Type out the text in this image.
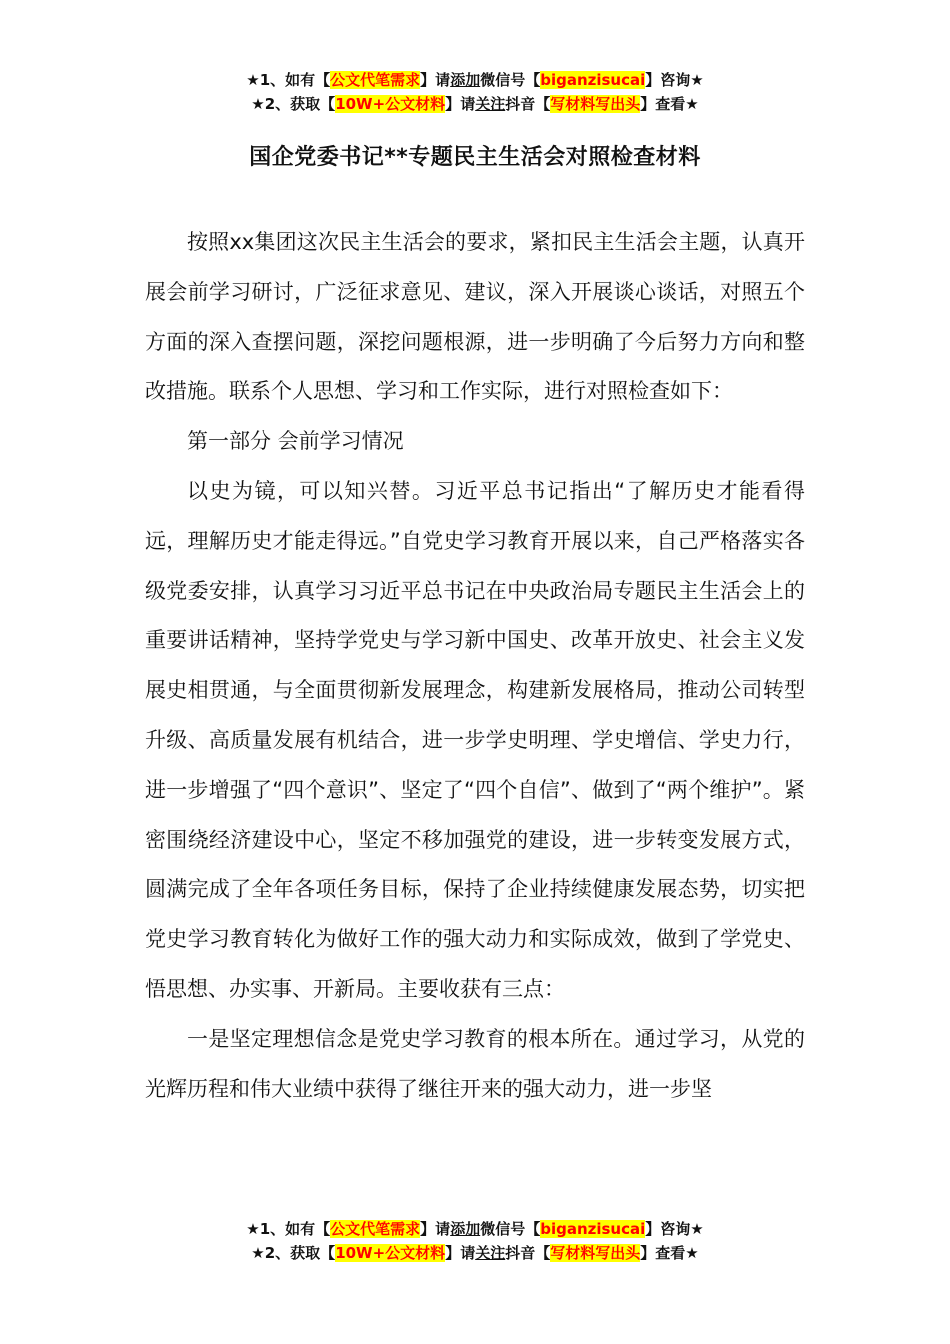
★1、如有【公文代笔需求】请添加微信号【biganzisucai】咨询★
★2、获取【10W+公文材料】请关注抖音【写材料写出头】查看★
国企党委书记**专题民主生活会对照检查材料

按照xx集团这次民主生活会的要求，紧扣民主生活会主题，认真开展会前学习研讨，广泛征求意见、建议，深入开展谈心谈话，对照五个方面的深入查摆问题，深挖问题根源，进一步明确了今后努力方向和整改措施。联系个人思想、学习和工作实际，进行对照检查如下：

第一部分 会前学习情况

以史为镜，可以知兴替。习近平总书记指出“了解历史才能看得远，理解历史才能走得远。”自党史学习教育开展以来，自己严格落实各级党委安排，认真学习习近平总书记在中央政治局专题民主生活会上的重要讲话精神，坚持学党史与学习新中国史、改革开放史、社会主义发展史相贯通，与全面贯彻新发展理念，构建新发展格局，推动公司转型升级、高质量发展有机结合，进一步学史明理、学史增信、学史力行，进一步增强了“四个意识”、坚定了“四个自信”、做到了“两个维护”。紧密围绕经济建设中心，坚定不移加强党的建设，进一步转变发展方式，圆满完成了全年各项任务目标，保持了企业持续健康发展态势，切实把党史学习教育转化为做好工作的强大动力和实际成效，做到了学党史、悟思想、办实事、开新局。主要收获有三点：

一是坚定理想信念是党史学习教育的根本所在。通过学习，从党的光辉历程和伟大业绩中获得了继往开来的强大动力，进一步坚

★1、如有【公文代笔需求】请添加微信号【biganzisucai】咨询★
★2、获取【10W+公文材料】请关注抖音【写材料写出头】查看★
